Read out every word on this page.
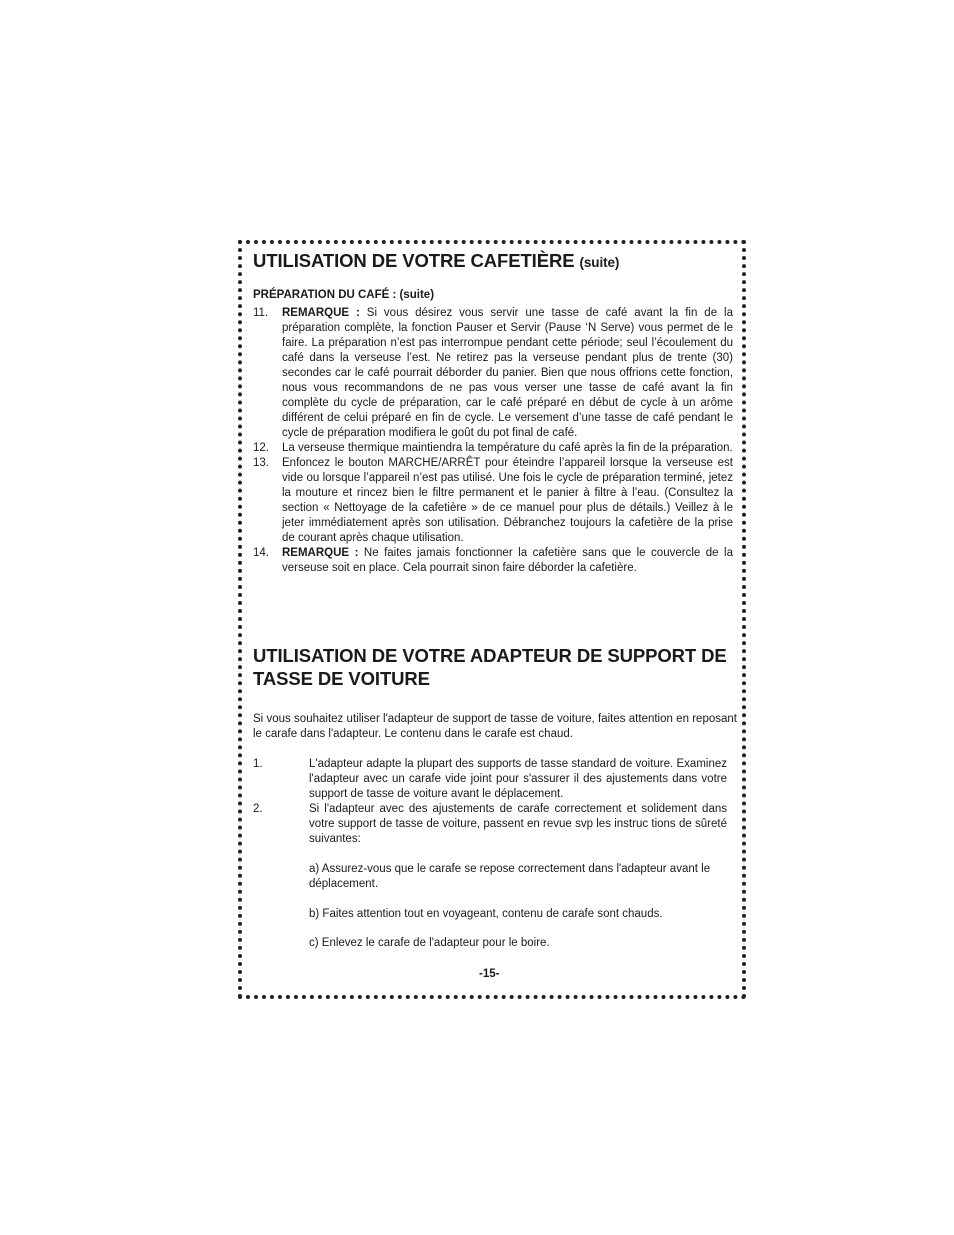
UTILISATION DE VOTRE CAFETIÈRE (suite)
PRÉPARATION DU CAFÉ : (suite)
11.	REMARQUE : Si vous désirez vous servir une tasse de café avant la fin de la préparation complète, la fonction Pauser et Servir (Pause ‘N Serve) vous permet de le faire. La préparation n’est pas interrompue pendant cette période; seul l’écoulement du café dans la verseuse l’est. Ne retirez pas la verseuse pendant plus de trente (30) secondes car le café pourrait déborder du panier. Bien que nous offrions cette fonction, nous vous recommandons de ne pas vous verser une tasse de café avant la fin complète du cycle de préparation, car le café préparé en début de cycle à un arôme différent de celui préparé en fin de cycle. Le versement d’une tasse de café pendant le cycle de préparation modifiera le goût du pot final de café.
12.	La verseuse thermique maintiendra la température du café après la fin de la préparation.
13.	Enfoncez le bouton MARCHE/ARRÊT pour éteindre l’appareil lorsque la verseuse est vide ou lorsque l’appareil n’est pas utilisé. Une fois le cycle de préparation terminé, jetez la mouture et rincez bien le filtre permanent et le panier à filtre à l’eau. (Consultez la section « Nettoyage de la cafetière » de ce manuel pour plus de détails.) Veillez à le jeter immédiatement après son utilisation. Débranchez toujours la cafetière de la prise de courant après chaque utilisation.
14.	REMARQUE : Ne faites jamais fonctionner la cafetière sans que le couvercle de la verseuse soit en place. Cela pourrait sinon faire déborder la cafetière.
UTILISATION DE VOTRE ADAPTEUR DE SUPPORT DE TASSE DE VOITURE
Si vous souhaitez utiliser l'adapteur de support de tasse de voiture, faites attention en reposant le carafe dans l'adapteur. Le contenu dans le carafe est chaud.
1.	L'adapteur adapte la plupart des supports de tasse standard de voiture. Examinez l'adapteur avec un carafe vide joint pour s'assurer il des ajustements dans votre support de tasse de voiture avant le déplacement.
2.	Si l'adapteur avec des ajustements de carafe correctement et solidement dans votre support de tasse de voiture, passent en revue svp les instruc tions de sûreté suivantes:
a) Assurez-vous que le carafe se repose correctement dans l'adapteur avant le déplacement.
b) Faites attention tout en voyageant, contenu de carafe sont chauds.
c) Enlevez le carafe de l'adapteur pour le boire.
-15-
